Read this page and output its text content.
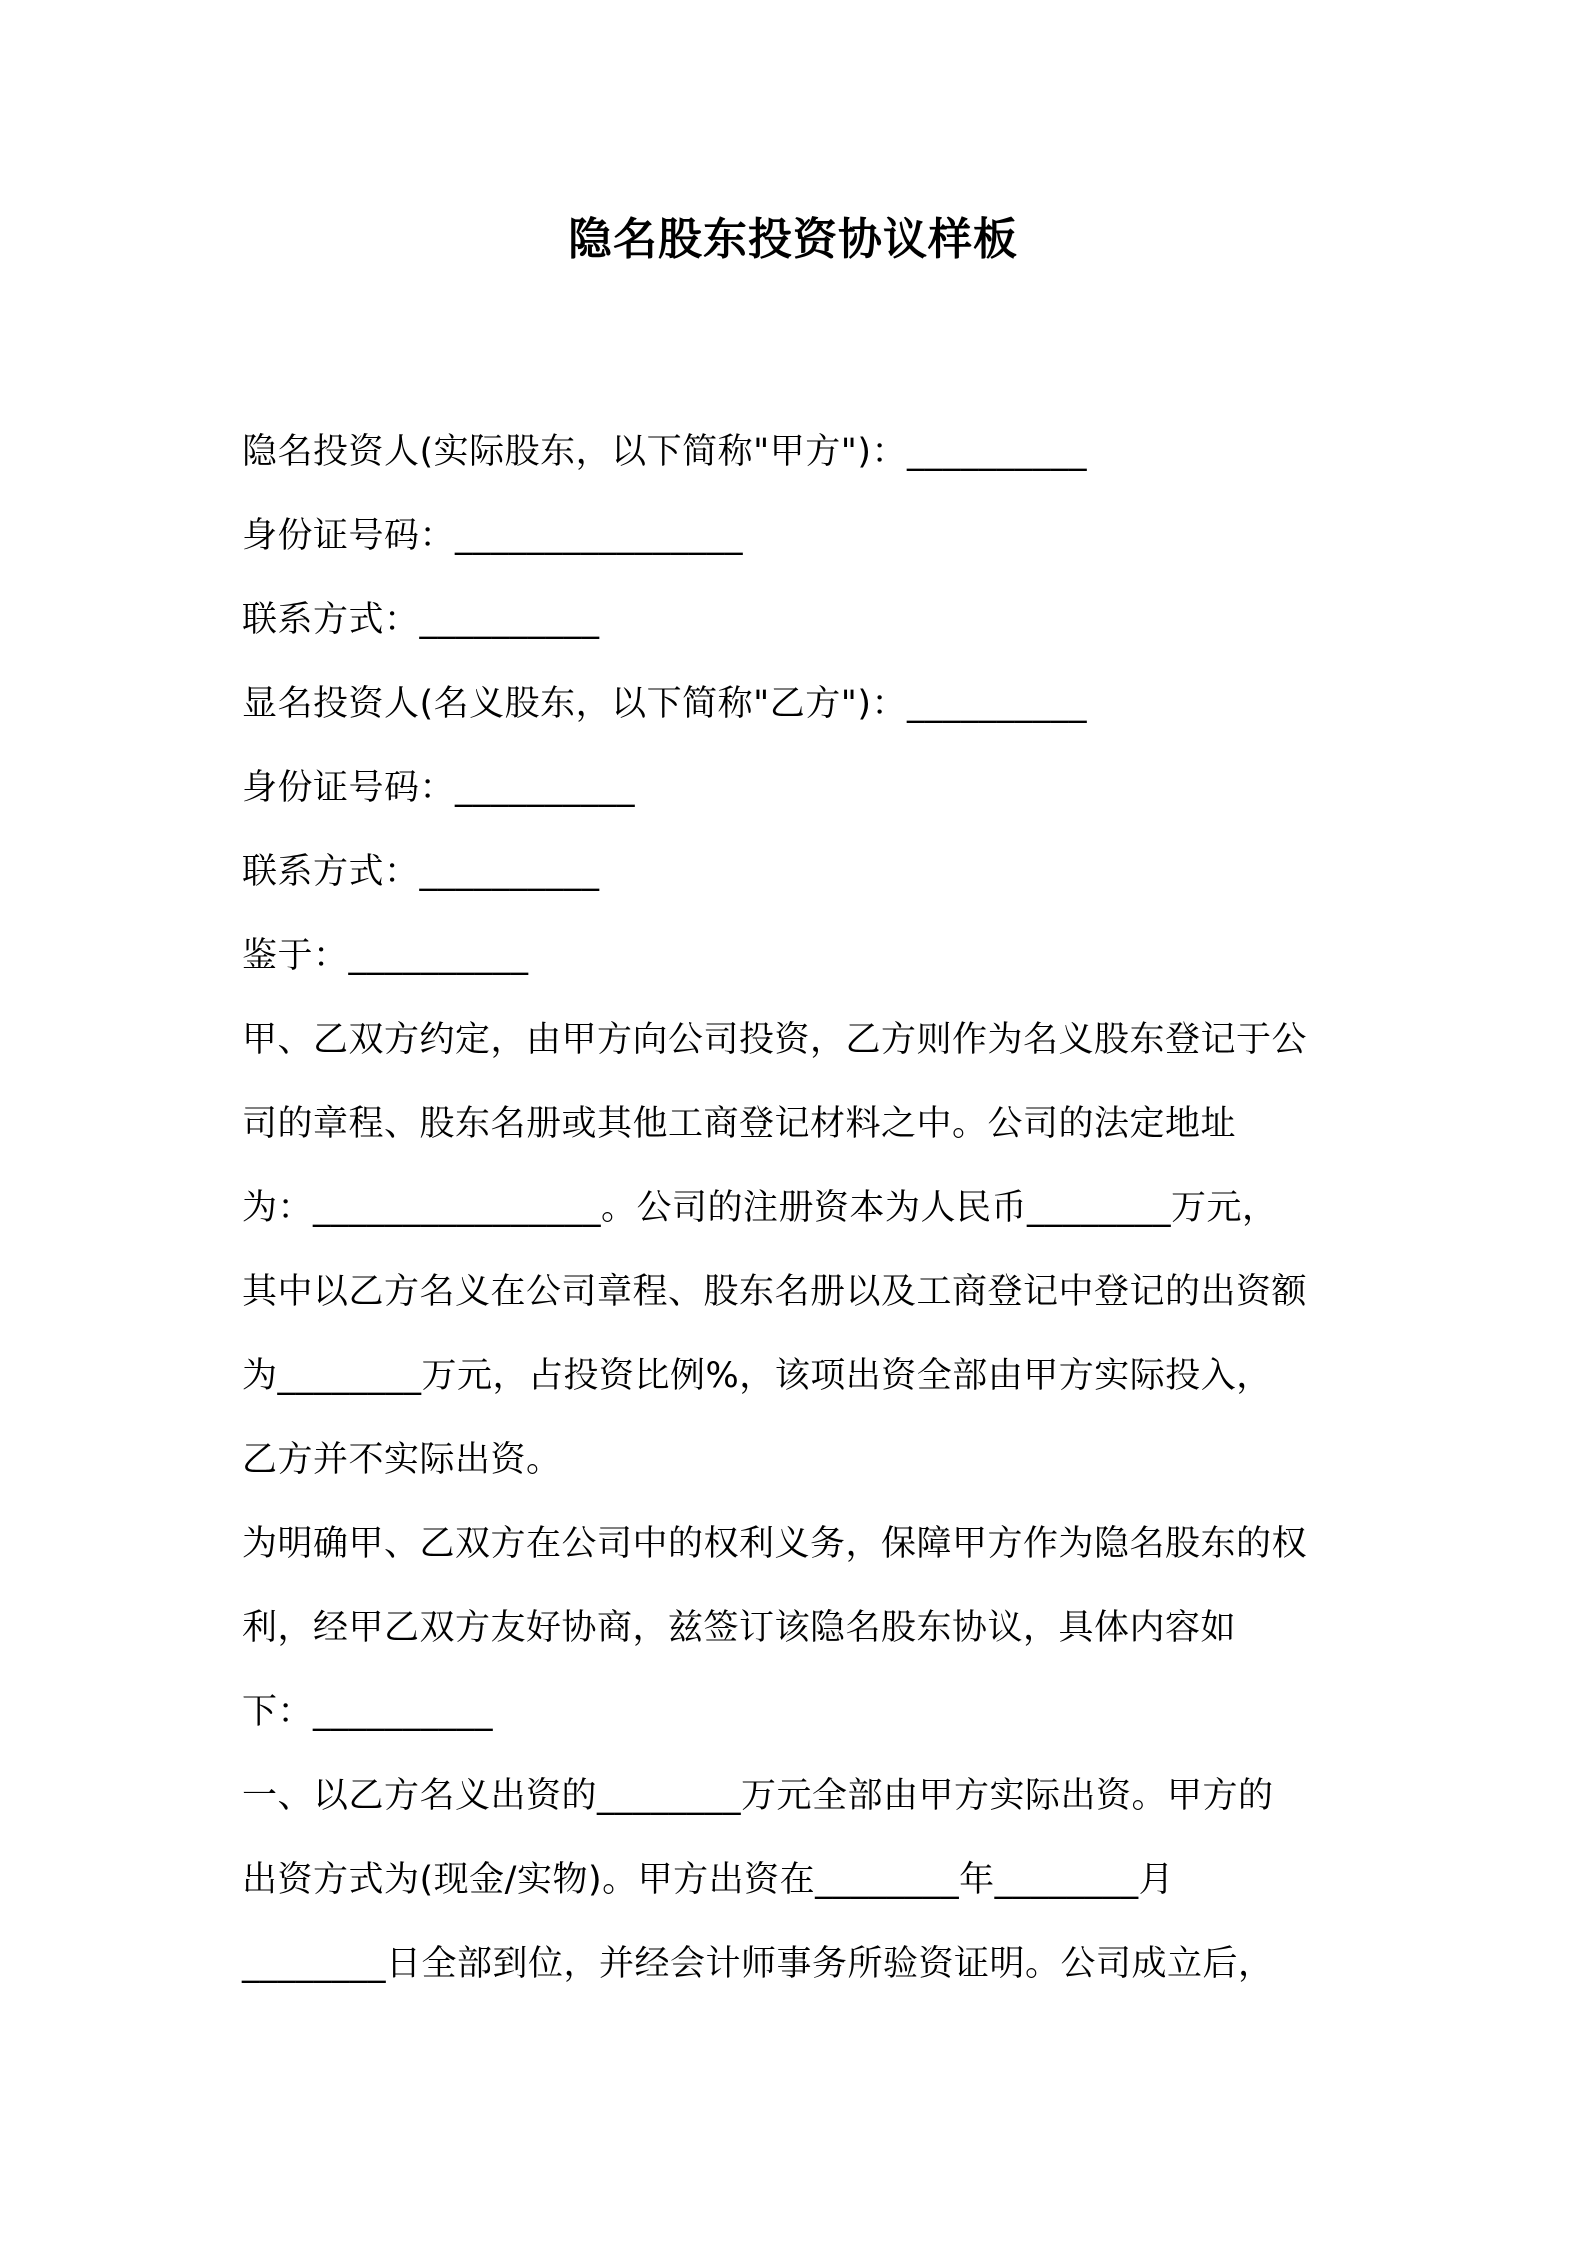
隐名股东投资协议样板
隐名投资人(实际股东，以下简称"甲方")：__________
身份证号码：________________
联系方式：__________
显名投资人(名义股东，以下简称"乙方")：__________
身份证号码：__________
联系方式：__________
鉴于：__________
甲、乙双方约定，由甲方向公司投资，乙方则作为名义股东登记于公
司的章程、股东名册或其他工商登记材料之中。公司的法定地址
为：________________。公司的注册资本为人民币________万元，
其中以乙方名义在公司章程、股东名册以及工商登记中登记的出资额
为________万元，占投资比例%，该项出资全部由甲方实际投入，
乙方并不实际出资。
为明确甲、乙双方在公司中的权利义务，保障甲方作为隐名股东的权
利，经甲乙双方友好协商，兹签订该隐名股东协议，具体内容如
下：__________
一、以乙方名义出资的________万元全部由甲方实际出资。甲方的
出资方式为(现金/实物)。甲方出资在________年________月
________日全部到位，并经会计师事务所验资证明。公司成立后，
